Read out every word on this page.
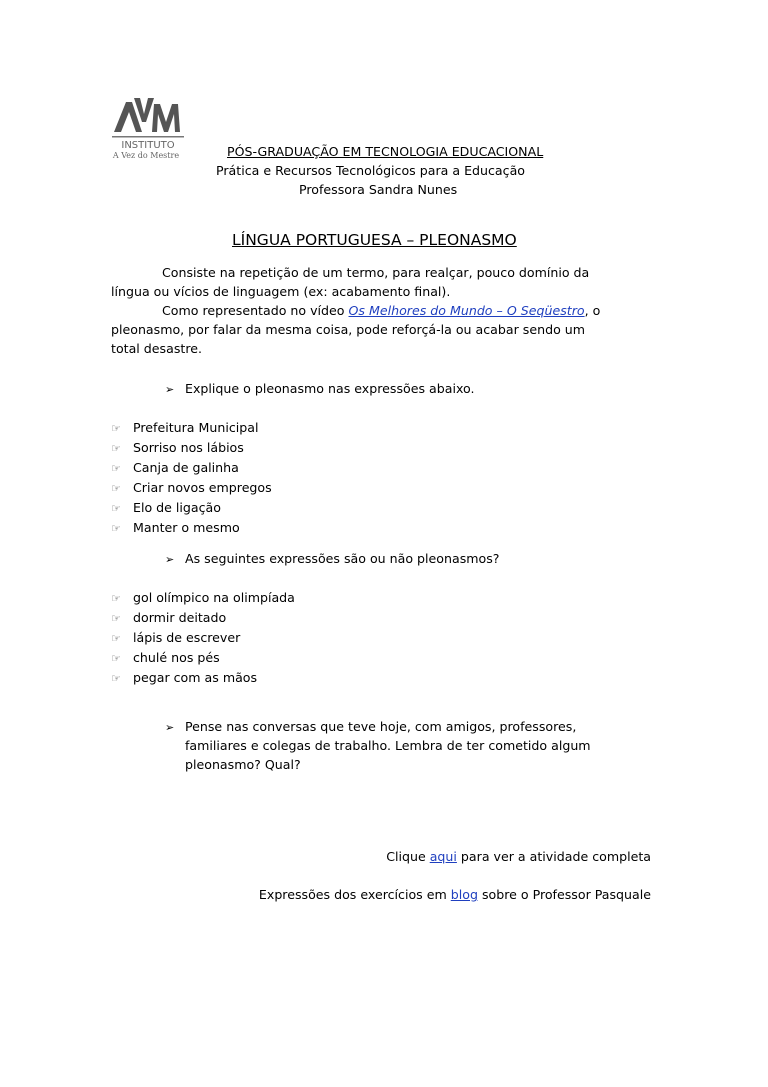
INSTITUTO
A Vez do Mestre	PÓS-GRADUAÇÃO EM TECNOLOGIA EDUCACIONAL
Prática e Recursos Tecnológicos para a Educação
Professora Sandra Nunes
LÍNGUA PORTUGUESA – PLEONASMO
Consiste na repetição de um termo, para realçar, pouco domínio da
língua ou vícios de linguagem (ex: acabamento final).
Como representado no vídeo Os Melhores do Mundo – O Seqüestro, o
pleonasmo, por falar da mesma coisa, pode reforçá-la ou acabar sendo um
total desastre.
➢ Explique o pleonasmo nas expressões abaixo.
☞ Prefeitura Municipal
☞ Sorriso nos lábios
☞ Canja de galinha
☞ Criar novos empregos
☞ Elo de ligação
☞ Manter o mesmo
➢ As seguintes expressões são ou não pleonasmos?
☞ gol olímpico na olimpíada
☞ dormir deitado
☞ lápis de escrever
☞ chulé nos pés
☞ pegar com as mãos
➢ Pense nas conversas que teve hoje, com amigos, professores,
familiares e colegas de trabalho. Lembra de ter cometido algum
pleonasmo? Qual?
Clique aqui para ver a atividade completa
Expressões dos exercícios em blog sobre o Professor Pasquale
